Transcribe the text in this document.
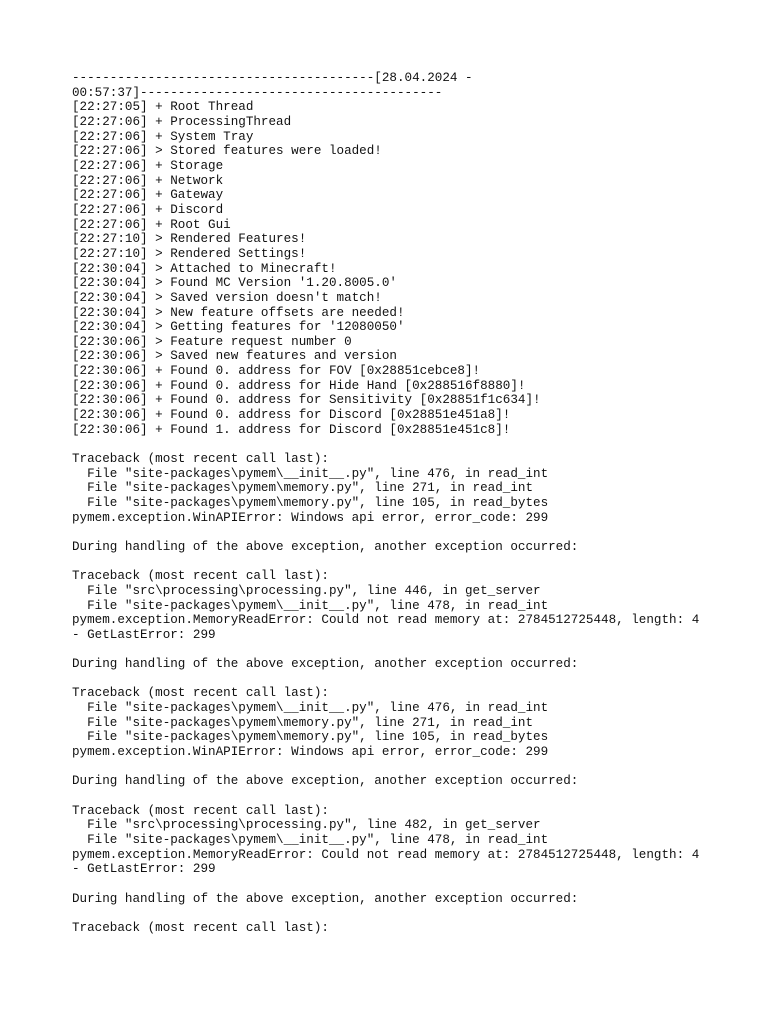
----------------------------------------[28.04.2024 -
00:57:37]----------------------------------------
[22:27:05] + Root Thread
[22:27:06] + ProcessingThread
[22:27:06] + System Tray
[22:27:06] > Stored features were loaded!
[22:27:06] + Storage
[22:27:06] + Network
[22:27:06] + Gateway
[22:27:06] + Discord
[22:27:06] + Root Gui
[22:27:10] > Rendered Features!
[22:27:10] > Rendered Settings!
[22:30:04] > Attached to Minecraft!
[22:30:04] > Found MC Version '1.20.8005.0'
[22:30:04] > Saved version doesn't match!
[22:30:04] > New feature offsets are needed!
[22:30:04] > Getting features for '12080050'
[22:30:06] > Feature request number 0
[22:30:06] > Saved new features and version
[22:30:06] + Found 0. address for FOV [0x28851cebce8]!
[22:30:06] + Found 0. address for Hide Hand [0x288516f8880]!
[22:30:06] + Found 0. address for Sensitivity [0x28851f1c634]!
[22:30:06] + Found 0. address for Discord [0x28851e451a8]!
[22:30:06] + Found 1. address for Discord [0x28851e451c8]!
Traceback (most recent call last):
File "site-packages\pymem\__init__.py", line 476, in read_int
File "site-packages\pymem\memory.py", line 271, in read_int
File "site-packages\pymem\memory.py", line 105, in read_bytes
pymem.exception.WinAPIError: Windows api error, error_code: 299
During handling of the above exception, another exception occurred:
Traceback (most recent call last):
File "src\processing\processing.py", line 446, in get_server
File "site-packages\pymem\__init__.py", line 478, in read_int
pymem.exception.MemoryReadError: Could not read memory at: 2784512725448, length: 4
- GetLastError: 299
During handling of the above exception, another exception occurred:
Traceback (most recent call last):
File "site-packages\pymem\__init__.py", line 476, in read_int
File "site-packages\pymem\memory.py", line 271, in read_int
File "site-packages\pymem\memory.py", line 105, in read_bytes
pymem.exception.WinAPIError: Windows api error, error_code: 299
During handling of the above exception, another exception occurred:
Traceback (most recent call last):
File "src\processing\processing.py", line 482, in get_server
File "site-packages\pymem\__init__.py", line 478, in read_int
pymem.exception.MemoryReadError: Could not read memory at: 2784512725448, length: 4
- GetLastError: 299
During handling of the above exception, another exception occurred:
Traceback (most recent call last):
